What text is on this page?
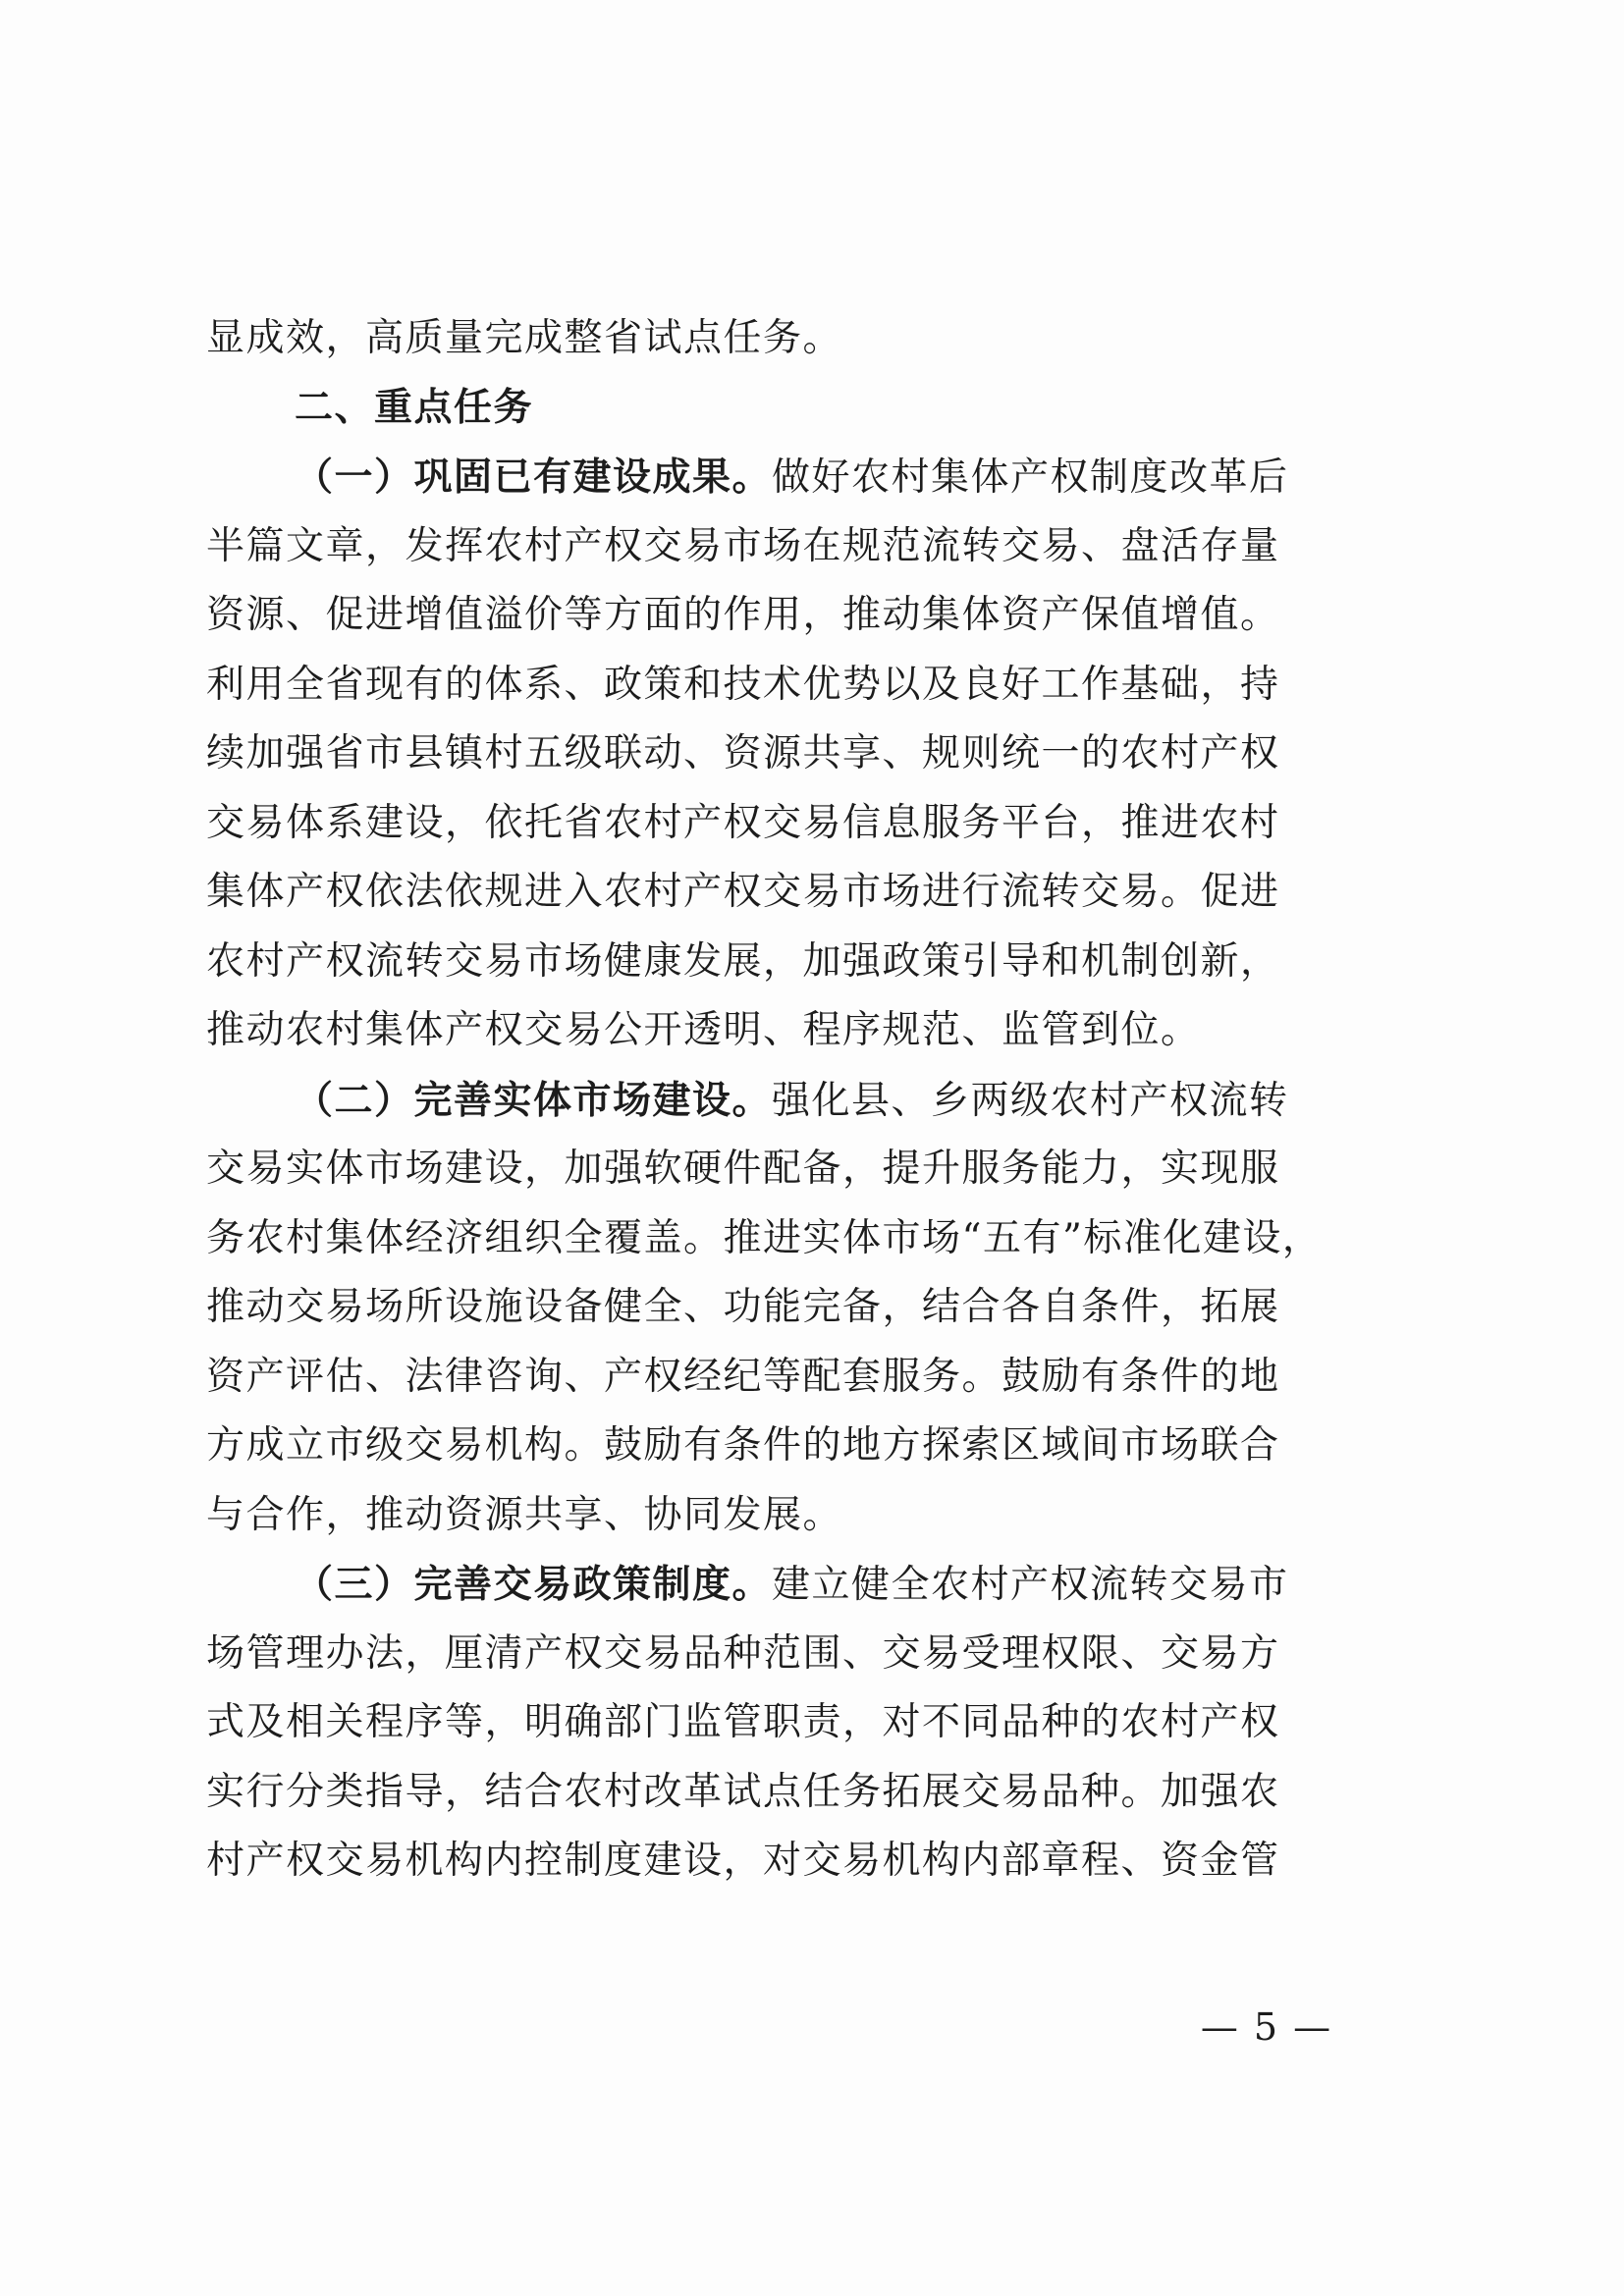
显成效，高质量完成整省试点任务。
二、重点任务
（一）巩固已有建设成果。做好农村集体产权制度改革后
半篇文章，发挥农村产权交易市场在规范流转交易、盘活存量
资源、促进增值溢价等方面的作用，推动集体资产保值增值。
利用全省现有的体系、政策和技术优势以及良好工作基础，持
续加强省市县镇村五级联动、资源共享、规则统一的农村产权
交易体系建设，依托省农村产权交易信息服务平台，推进农村
集体产权依法依规进入农村产权交易市场进行流转交易。促进
农村产权流转交易市场健康发展，加强政策引导和机制创新，
推动农村集体产权交易公开透明、程序规范、监管到位。
（二）完善实体市场建设。强化县、乡两级农村产权流转
交易实体市场建设，加强软硬件配备，提升服务能力，实现服
务农村集体经济组织全覆盖。推进实体市场“五有”标准化建设，
推动交易场所设施设备健全、功能完备，结合各自条件，拓展
资产评估、法律咨询、产权经纪等配套服务。鼓励有条件的地
方成立市级交易机构。鼓励有条件的地方探索区域间市场联合
与合作，推动资源共享、协同发展。
（三）完善交易政策制度。建立健全农村产权流转交易市
场管理办法，厘清产权交易品种范围、交易受理权限、交易方
式及相关程序等，明确部门监管职责，对不同品种的农村产权
实行分类指导，结合农村改革试点任务拓展交易品种。加强农
村产权交易机构内控制度建设，对交易机构内部章程、资金管
— 5 —
